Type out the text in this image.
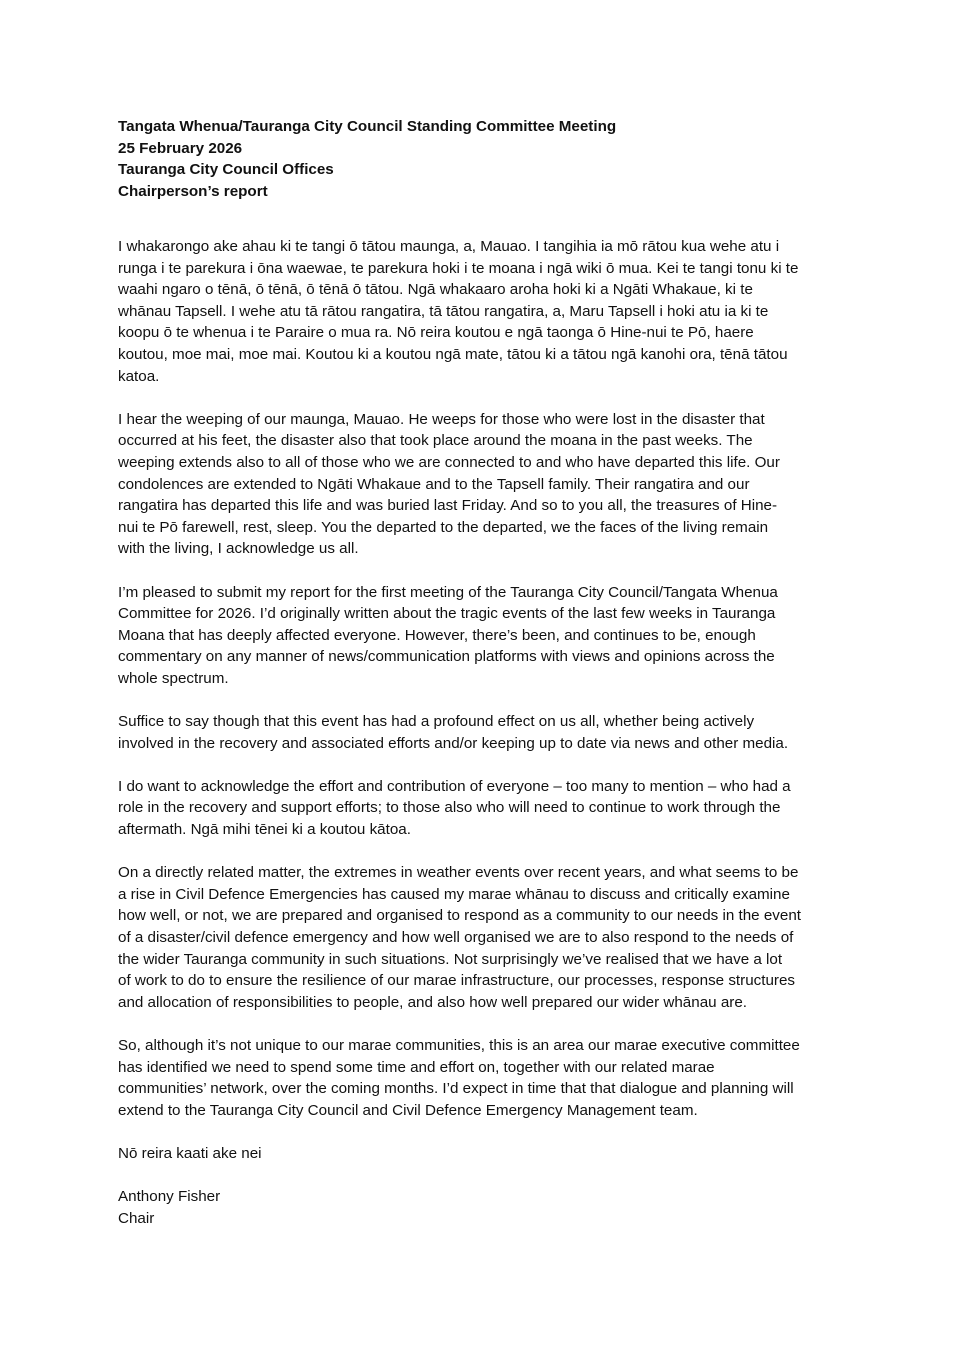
Tangata Whenua/Tauranga City Council Standing Committee Meeting

25 February 2026

Tauranga City Council Offices

Chairperson’s report

I whakarongo ake ahau ki te tangi ō tātou maunga, a, Mauao. I tangihia ia mō rātou kua wehe atu i
runga i te parekura i ōna waewae, te parekura hoki i te moana i ngā wiki ō mua. Kei te tangi tonu ki te
waahi ngaro o tēnā, ō tēnā, ō tēnā ō tātou. Ngā whakaaro aroha hoki ki a Ngāti Whakaue, ki te
whānau Tapsell. I wehe atu tā rātou rangatira, tā tātou rangatira, a, Maru Tapsell i hoki atu ia ki te
koopu ō te whenua i te Paraire o mua ra. Nō reira koutou e ngā taonga ō Hine-nui te Pō, haere
koutou, moe mai, moe mai. Koutou ki a koutou ngā mate, tātou ki a tātou ngā kanohi ora, tēnā tātou
katoa.

I hear the weeping of our maunga, Mauao. He weeps for those who were lost in the disaster that
occurred at his feet, the disaster also that took place around the moana in the past weeks. The
weeping extends also to all of those who we are connected to and who have departed this life. Our
condolences are extended to Ngāti Whakaue and to the Tapsell family. Their rangatira and our
rangatira has departed this life and was buried last Friday. And so to you all, the treasures of Hine-
nui te Pō farewell, rest, sleep. You the departed to the departed, we the faces of the living remain
with the living, I acknowledge us all.

I’m pleased to submit my report for the first meeting of the Tauranga City Council/Tangata Whenua
Committee for 2026. I’d originally written about the tragic events of the last few weeks in Tauranga
Moana that has deeply affected everyone. However, there’s been, and continues to be, enough
commentary on any manner of news/communication platforms with views and opinions across the
whole spectrum.

Suffice to say though that this event has had a profound effect on us all, whether being actively
involved in the recovery and associated efforts and/or keeping up to date via news and other media.

I do want to acknowledge the effort and contribution of everyone – too many to mention – who had a
role in the recovery and support efforts; to those also who will need to continue to work through the
aftermath. Ngā mihi tēnei ki a koutou kātoa.

On a directly related matter, the extremes in weather events over recent years, and what seems to be
a rise in Civil Defence Emergencies has caused my marae whānau to discuss and critically examine
how well, or not, we are prepared and organised to respond as a community to our needs in the event
of a disaster/civil defence emergency and how well organised we are to also respond to the needs of
the wider Tauranga community in such situations. Not surprisingly we’ve realised that we have a lot
of work to do to ensure the resilience of our marae infrastructure, our processes, response structures
and allocation of responsibilities to people, and also how well prepared our wider whānau are.

So, although it’s not unique to our marae communities, this is an area our marae executive committee
has identified we need to spend some time and effort on, together with our related marae
communities’ network, over the coming months. I’d expect in time that that dialogue and planning will
extend to the Tauranga City Council and Civil Defence Emergency Management team.

Nō reira kaati ake nei

Anthony Fisher

Chair
